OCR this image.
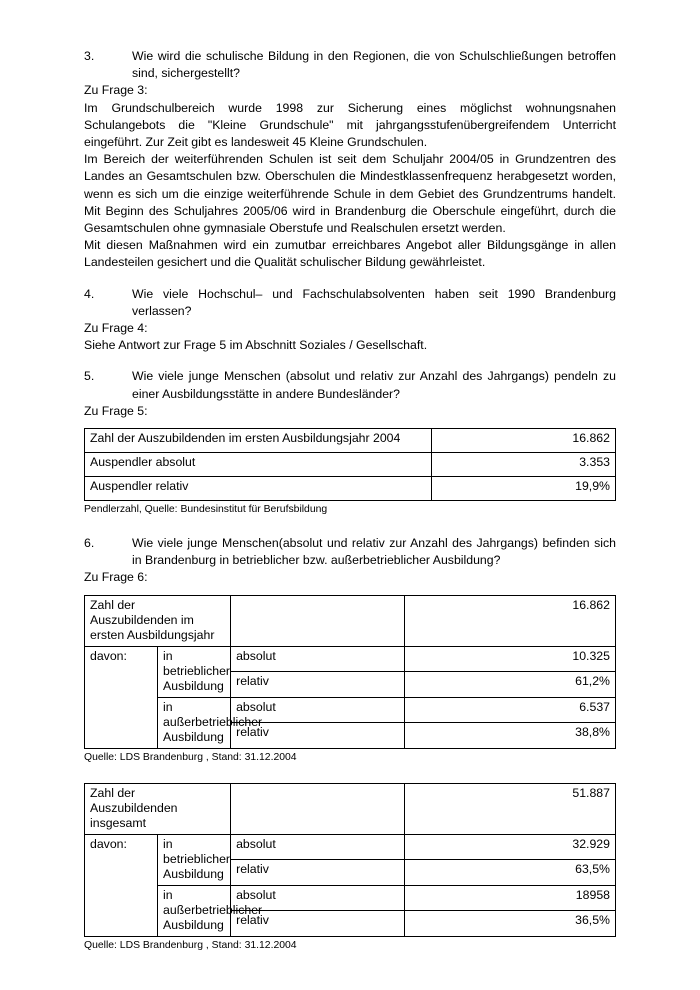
3.	Wie wird die schulische Bildung in den Regionen, die von Schulschließungen betroffen sind, sichergestellt?

Zu Frage 3:

Im Grundschulbereich wurde 1998 zur Sicherung eines möglichst wohnungsnahen Schulangebots die "Kleine Grundschule" mit jahrgangsstufenübergreifendem Unterricht eingeführt. Zur Zeit gibt es landesweit 45 Kleine Grundschulen.

Im Bereich der weiterführenden Schulen ist seit dem Schuljahr 2004/05 in Grundzentren des Landes an Gesamtschulen bzw. Oberschulen die Mindestklassenfrequenz herabgesetzt worden, wenn es sich um die einzige weiterführende Schule in dem Gebiet des Grundzentrums handelt. Mit Beginn des Schuljahres 2005/06 wird in Brandenburg die Oberschule eingeführt, durch die Gesamtschulen ohne gymnasiale Oberstufe und Realschulen ersetzt werden.

Mit diesen Maßnahmen wird ein zumutbar erreichbares Angebot aller Bildungsgänge in allen Landesteilen gesichert und die Qualität schulischer Bildung gewährleistet.

4.	Wie viele Hochschul– und Fachschulabsolventen haben seit 1990 Brandenburg verlassen?

Zu Frage 4:

Siehe Antwort zur Frage 5 im Abschnitt Soziales / Gesellschaft.

5.	Wie viele junge Menschen (absolut und relativ zur Anzahl des Jahrgangs) pendeln zu einer Ausbildungsstätte in andere Bundesländer?

Zu Frage 5:

Zahl der Auszubildenden im ersten Ausbildungsjahr 2004	16.862
Auspendler absolut	3.353
Auspendler relativ	19,9%

Pendlerzahl, Quelle: Bundesinstitut für Berufsbildung

6.	Wie viele junge Menschen(absolut und relativ zur Anzahl des Jahrgangs) befinden sich in Brandenburg in betrieblicher bzw. außerbetrieblicher Ausbildung?

Zu Frage 6:

Zahl der Auszubildenden im ersten Ausbildungsjahr			16.862
davon:	in betrieblicher Ausbildung	absolut	10.325
		relativ	61,2%
	in außerbetrieblicher Ausbildung	absolut	6.537
		relativ	38,8%

Quelle: LDS Brandenburg , Stand: 31.12.2004

Zahl der Auszubildenden insgesamt			51.887
davon:	in betrieblicher Ausbildung	absolut	32.929
		relativ	63,5%
	in außerbetrieblicher Ausbildung	absolut	18958
		relativ	36,5%

Quelle: LDS Brandenburg , Stand: 31.12.2004
